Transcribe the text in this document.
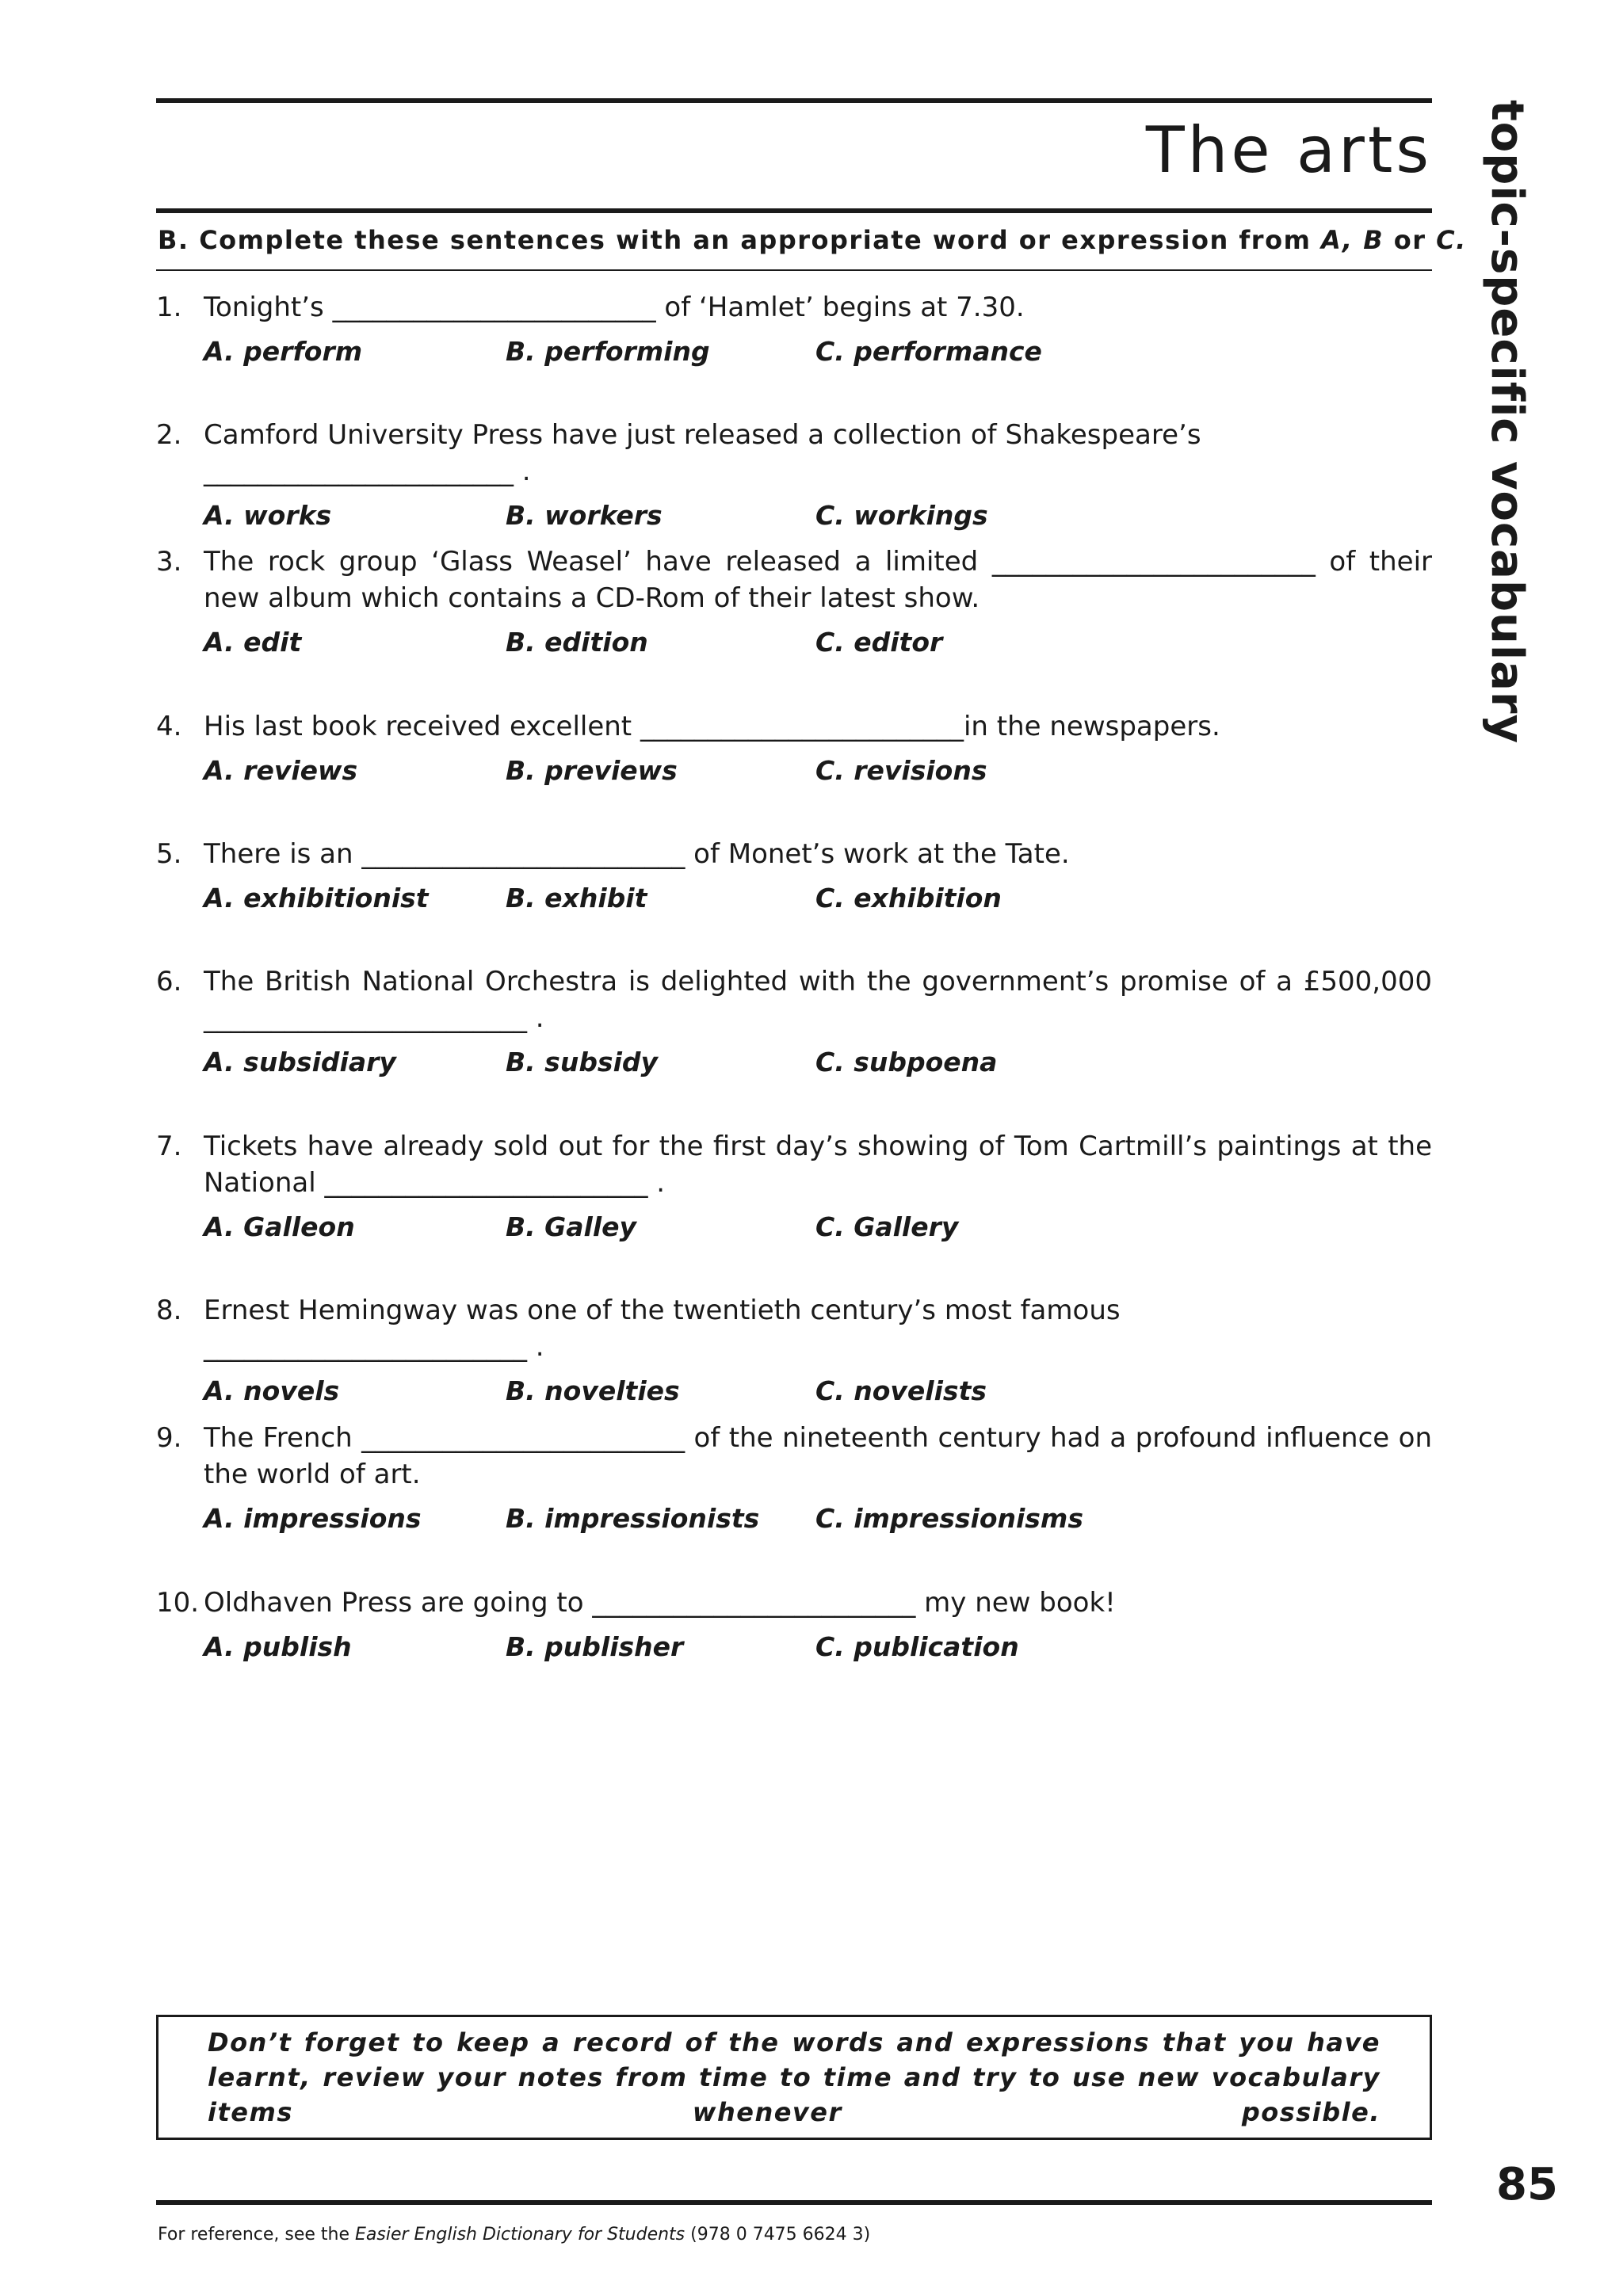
The arts
B. Complete these sentences with an appropriate word or expression from A, B or C. topic-specific vocabulary
1. Tonight’s ________________________ of ‘Hamlet’ begins at 7.30.
A. perform	B. performing	C. performance
2. Camford University Press have just released a collection of Shakespeare’s _______________________ .
A. works	B. workers	C. workings
3. The rock group ‘Glass Weasel’ have released a limited ________________________ of their new album which contains a CD-Rom of their latest show.
A. edit	B. edition	C. editor
4. His last book received excellent ________________________in the newspapers.
A. reviews	B. previews	C. revisions
5. There is an ________________________ of Monet’s work at the Tate.
A. exhibitionist	B. exhibit	C. exhibition
6. The British National Orchestra is delighted with the government’s promise of a £500,000 ________________________ .
A. subsidiary	B. subsidy	C. subpoena
7. Tickets have already sold out for the first day’s showing of Tom Cartmill’s paintings at the National ________________________ .
A. Galleon	B. Galley	C. Gallery
8. Ernest Hemingway was one of the twentieth century’s most famous ________________________ .
A. novels	B. novelties	C. novelists
9. The French ________________________ of the nineteenth century had a profound influence on the world of art.
A. impressions	B. impressionists	C. impressionisms
10. Oldhaven Press are going to ________________________ my new book!
A. publish	B. publisher	C. publication
Don’t forget to keep a record of the words and expressions that you have learnt, review your notes from time to time and try to use new vocabulary items whenever possible.
85
For reference, see the Easier English Dictionary for Students (978 0 7475 6624 3)
